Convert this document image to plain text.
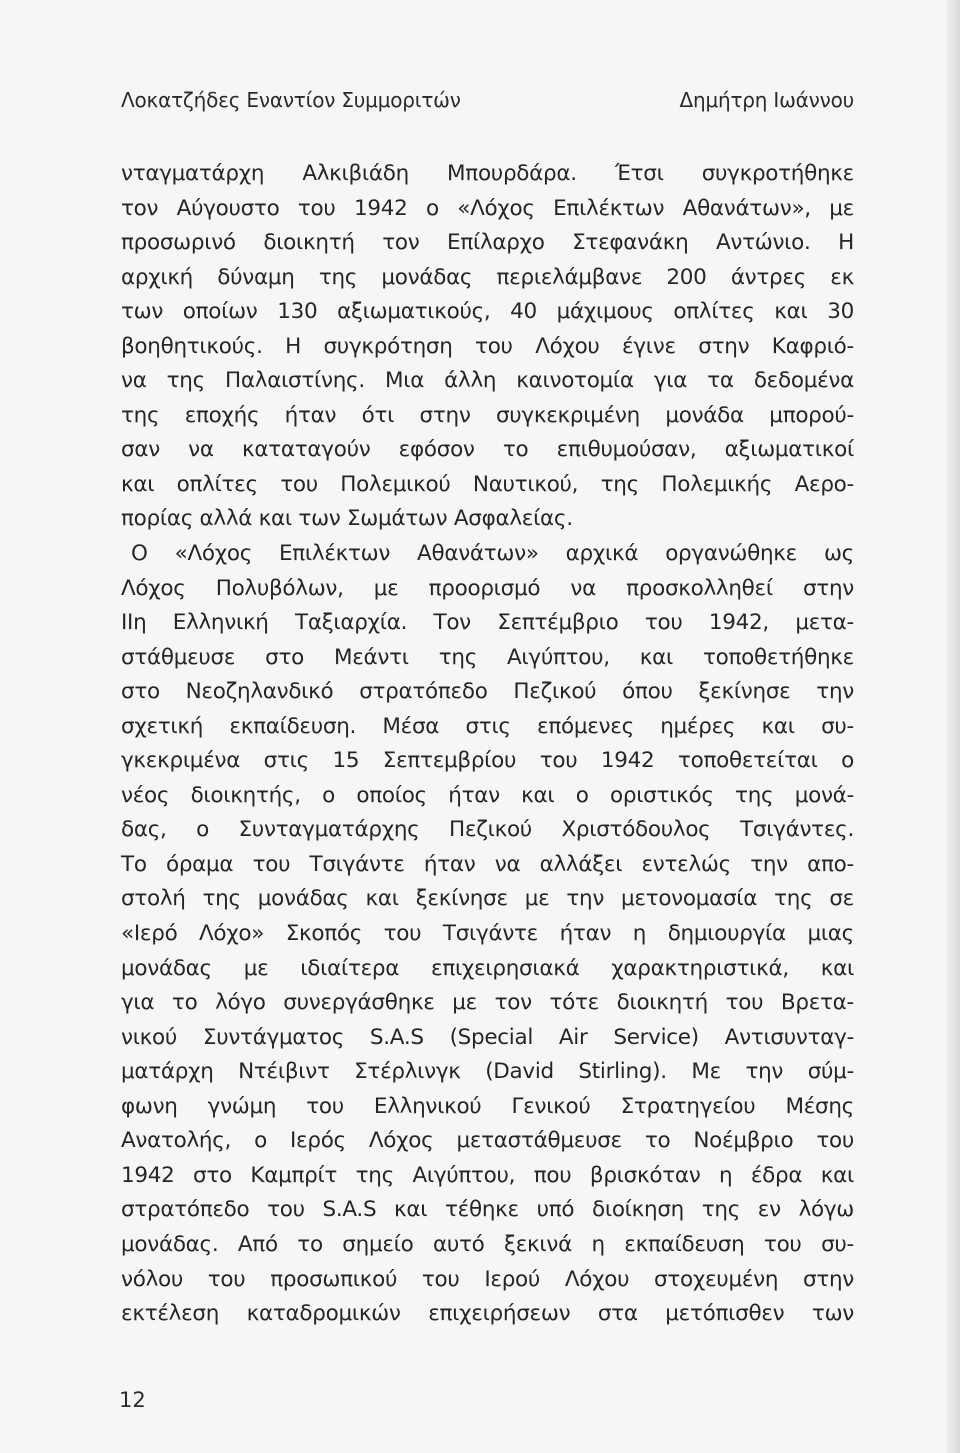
Λοκατζήδες Εναντίον Συμμοριτών	Δημήτρη Ιωάννου
νταγματάρχη Αλκιβιάδη Μπουρδάρα. Έτσι συγκροτήθηκε
τον Αύγουστο του 1942 ο «Λόχος Επιλέκτων Αθανάτων», με
προσωρινό διοικητή τον Επίλαρχο Στεφανάκη Αντώνιο. Η
αρχική δύναμη της μονάδας περιελάμβανε 200 άντρες εκ
των οποίων 130 αξιωματικούς, 40 μάχιμους οπλίτες και 30
βοηθητικούς. Η συγκρότηση του Λόχου έγινε στην Καφριό-
να της Παλαιστίνης. Μια άλλη καινοτομία για τα δεδομένα
της εποχής ήταν ότι στην συγκεκριμένη μονάδα μπορού-
σαν να καταταγούν εφόσον το επιθυμούσαν, αξιωματικοί
και οπλίτες του Πολεμικού Ναυτικού, της Πολεμικής Αερο-
πορίας αλλά και των Σωμάτων Ασφαλείας.
Ο «Λόχος Επιλέκτων Αθανάτων» αρχικά οργανώθηκε ως
Λόχος Πολυβόλων, με προορισμό να προσκολληθεί στην
ΙΙη Ελληνική Ταξιαρχία. Τον Σεπτέμβριο του 1942, μετα-
στάθμευσε στο Μεάντι της Αιγύπτου, και τοποθετήθηκε
στο Νεοζηλανδικό στρατόπεδο Πεζικού όπου ξεκίνησε την
σχετική εκπαίδευση. Μέσα στις επόμενες ημέρες και συ-
γκεκριμένα στις 15 Σεπτεμβρίου του 1942 τοποθετείται ο
νέος διοικητής, ο οποίος ήταν και ο οριστικός της μονά-
δας, ο Συνταγματάρχης Πεζικού Χριστόδουλος Τσιγάντες.
Το όραμα του Τσιγάντε ήταν να αλλάξει εντελώς την απο-
στολή της μονάδας και ξεκίνησε με την μετονομασία της σε
«Ιερό Λόχο» Σκοπός του Τσιγάντε ήταν η δημιουργία μιας
μονάδας με ιδιαίτερα επιχειρησιακά χαρακτηριστικά, και
για το λόγο συνεργάσθηκε με τον τότε διοικητή του Βρετα-
νικού Συντάγματος S.A.S (Special Air Service) Αντισυνταγ-
ματάρχη Ντέιβιντ Στέρλινγκ (David Stirling). Με την σύμ-
φωνη γνώμη του Ελληνικού Γενικού Στρατηγείου Μέσης
Ανατολής, ο Ιερός Λόχος μεταστάθμευσε το Νοέμβριο του
1942 στο Καμπρίτ της Αιγύπτου, που βρισκόταν η έδρα και
στρατόπεδο του S.A.S και τέθηκε υπό διοίκηση της εν λόγω
μονάδας. Από το σημείο αυτό ξεκινά η εκπαίδευση του συ-
νόλου του προσωπικού του Ιερού Λόχου στοχευμένη στην
εκτέλεση καταδρομικών επιχειρήσεων στα μετόπισθεν των
12
